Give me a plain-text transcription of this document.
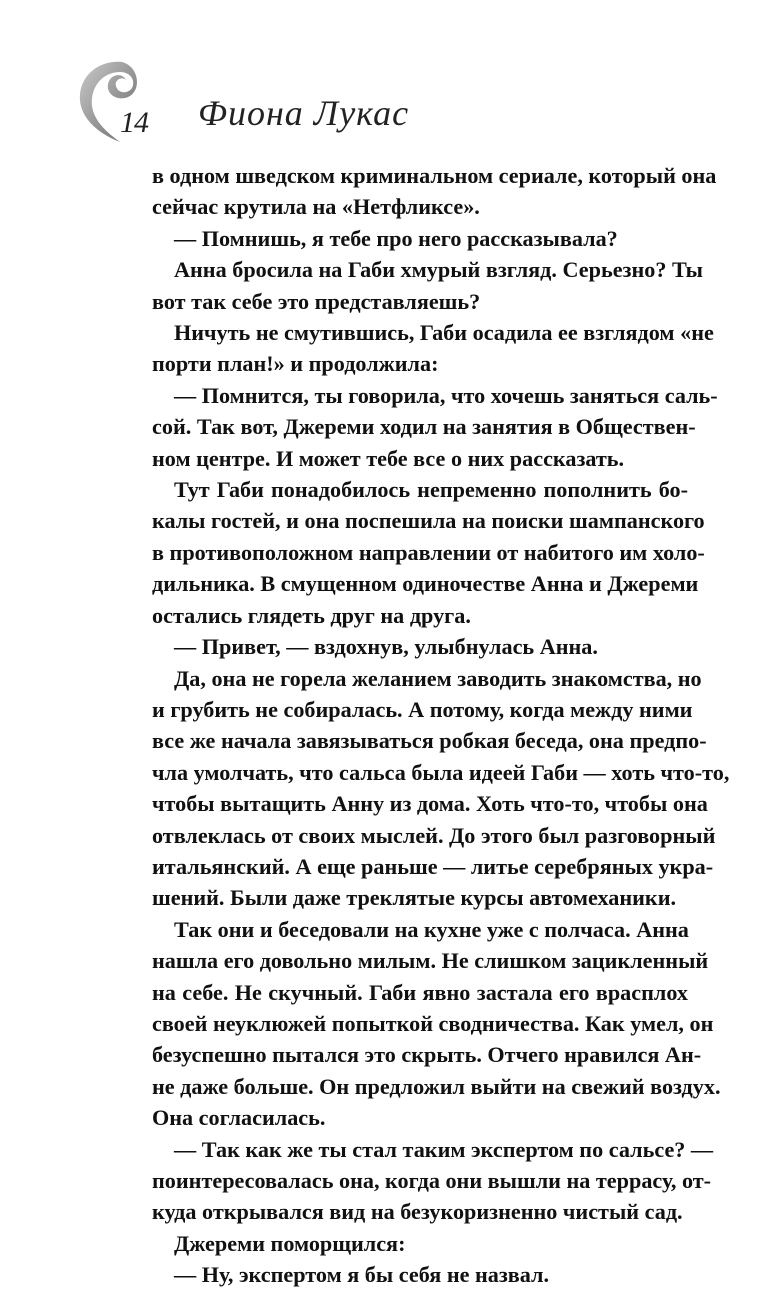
14 Фиона Лукас
в одном шведском криминальном сериале, который она
сейчас крутила на «Нетфликсе».
— Помнишь, я тебе про него рассказывала?
Анна бросила на Габи хмурый взгляд. Серьезно? Ты
вот так себе это представляешь?
Ничуть не смутившись, Габи осадила ее взглядом «не
порти план!» и продолжила:
— Помнится, ты говорила, что хочешь заняться саль-
сой. Так вот, Джереми ходил на занятия в Обществен-
ном центре. И может тебе все о них рассказать.
Тут Габи понадобилось непременно пополнить бо-
калы гостей, и она поспешила на поиски шампанского
в противоположном направлении от набитого им холо-
дильника. В смущенном одиночестве Анна и Джереми
остались глядеть друг на друга.
— Привет, — вздохнув, улыбнулась Анна.
Да, она не горела желанием заводить знакомства, но
и грубить не собиралась. А потому, когда между ними
все же начала завязываться робкая беседа, она предпо-
чла умолчать, что сальса была идеей Габи — хоть что-то,
чтобы вытащить Анну из дома. Хоть что-то, чтобы она
отвлеклась от своих мыслей. До этого был разговорный
итальянский. А еще раньше — литье серебряных укра-
шений. Были даже треклятые курсы автомеханики.
Так они и беседовали на кухне уже с полчаса. Анна
нашла его довольно милым. Не слишком зацикленный
на себе. Не скучный. Габи явно застала его врасплох
своей неуклюжей попыткой сводничества. Как умел, он
безуспешно пытался это скрыть. Отчего нравился Ан-
не даже больше. Он предложил выйти на свежий воздух.
Она согласилась.
— Так как же ты стал таким экспертом по сальсе? —
поинтересовалась она, когда они вышли на террасу, от-
куда открывался вид на безукоризненно чистый сад.
Джереми поморщился:
— Ну, экспертом я бы себя не назвал.
